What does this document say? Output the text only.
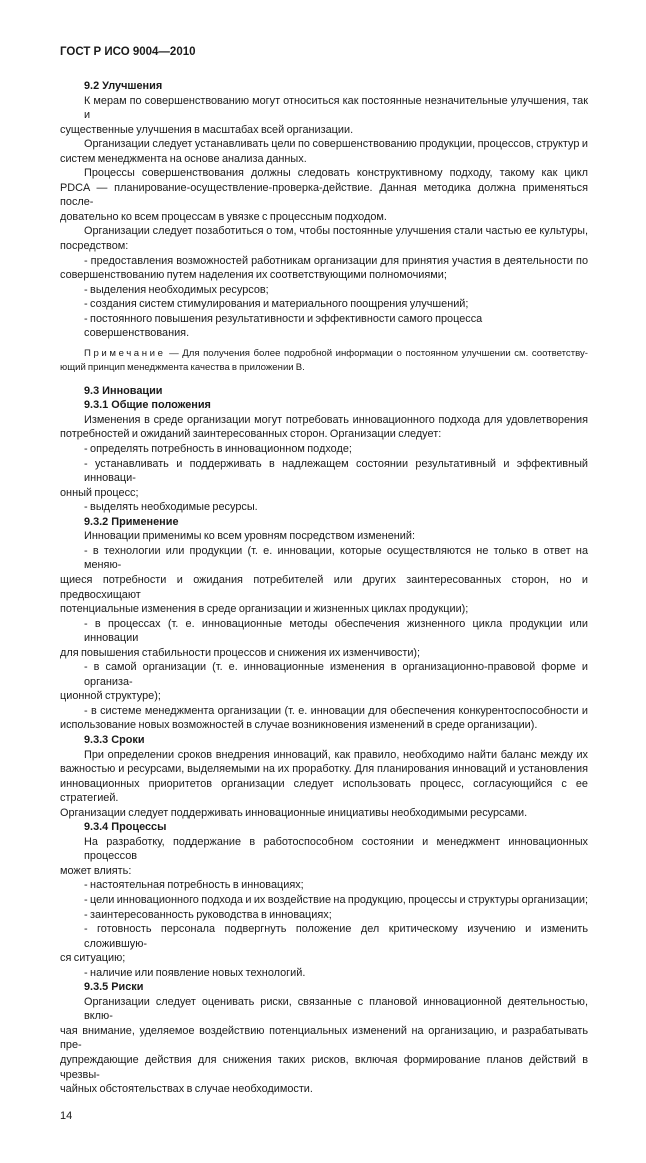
ГОСТ Р ИСО 9004—2010
9.2 Улучшения
К мерам по совершенствованию могут относиться как постоянные незначительные улучшения, так и
существенные улучшения в масштабах всей организации.
Организации следует устанавливать цели по совершенствованию продукции, процессов, структур и
систем менеджмента на основе анализа данных.
Процессы совершенствования должны следовать конструктивному подходу, такому как цикл
PDCA — планирование-осуществление-проверка-действие. Данная методика должна применяться после-
довательно ко всем процессам в увязке с процессным подходом.
Организации следует позаботиться о том, чтобы постоянные улучшения стали частью ее культуры,
посредством:
- предоставления возможностей работникам организации для принятия участия в деятельности по
совершенствованию путем наделения их соответствующими полномочиями;
- выделения необходимых ресурсов;
- создания систем стимулирования и материального поощрения улучшений;
- постоянного повышения результативности и эффективности самого процесса совершенствования.
Примечание — Для получения более подробной информации о постоянном улучшении см. соответству-
ющий принцип менеджмента качества в приложении В.
9.3 Инновации
9.3.1 Общие положения
Изменения в среде организации могут потребовать инновационного подхода для удовлетворения
потребностей и ожиданий заинтересованных сторон. Организации следует:
- определять потребность в инновационном подходе;
- устанавливать и поддерживать в надлежащем состоянии результативный и эффективный инноваци-
онный процесс;
- выделять необходимые ресурсы.
9.3.2 Применение
Инновации применимы ко всем уровням посредством изменений:
- в технологии или продукции (т. е. инновации, которые осуществляются не только в ответ на меняю-
щиеся потребности и ожидания потребителей или других заинтересованных сторон, но и предвосхищают
потенциальные изменения в среде организации и жизненных циклах продукции);
- в процессах (т. е. инновационные методы обеспечения жизненного цикла продукции или инновации
для повышения стабильности процессов и снижения их изменчивости);
- в самой организации (т. е. инновационные изменения в организационно-правовой форме и организа-
ционной структуре);
- в системе менеджмента организации (т. е. инновации для обеспечения конкурентоспособности и
использование новых возможностей в случае возникновения изменений в среде организации).
9.3.3 Сроки
При определении сроков внедрения инноваций, как правило, необходимо найти баланс между их
важностью и ресурсами, выделяемыми на их проработку. Для планирования инноваций и установления
инновационных приоритетов организации следует использовать процесс, согласующийся с ее стратегией.
Организации следует поддерживать инновационные инициативы необходимыми ресурсами.
9.3.4 Процессы
На разработку, поддержание в работоспособном состоянии и менеджмент инновационных процессов
может влиять:
- настоятельная потребность в инновациях;
- цели инновационного подхода и их воздействие на продукцию, процессы и структуры организации;
- заинтересованность руководства в инновациях;
- готовность персонала подвергнуть положение дел критическому изучению и изменить сложившую-
ся ситуацию;
- наличие или появление новых технологий.
9.3.5 Риски
Организации следует оценивать риски, связанные с плановой инновационной деятельностью, вклю-
чая внимание, уделяемое воздействию потенциальных изменений на организацию, и разрабатывать пре-
дупреждающие действия для снижения таких рисков, включая формирование планов действий в чрезвы-
чайных обстоятельствах в случае необходимости.
14
